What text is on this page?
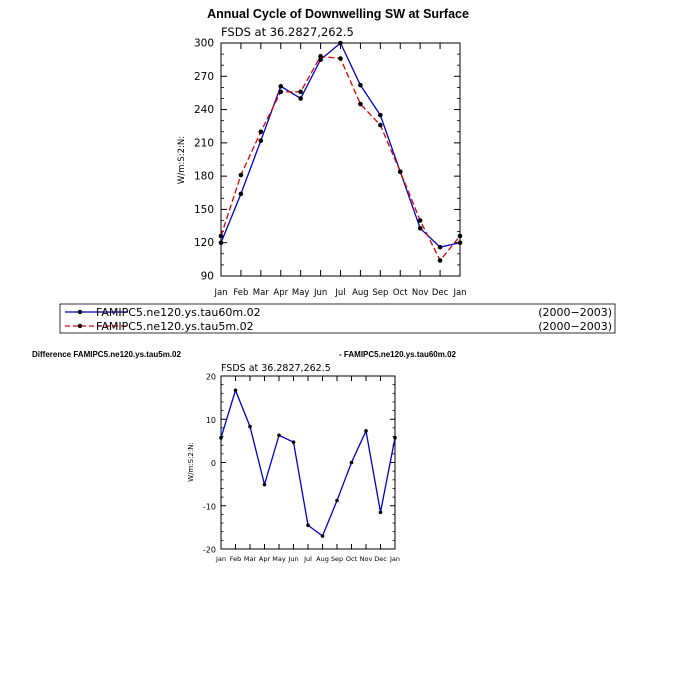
Annual Cycle of Downwelling SW at Surface
FSDS at 36.2827,262.5
90
120
150
180
210
240
270
300
Jan Feb Mar Apr May Jun Jul Aug Sep Oct Nov Dec Jan
W/m:S:2:N:
FAMIPC5.ne120.ys.tau60m.02	(2000−2003)
FAMIPC5.ne120.ys.tau5m.02	(2000−2003)
Difference FAMIPC5.ne120.ys.tau5m.02	- FAMIPC5.ne120.ys.tau60m.02
FSDS at 36.2827,262.5
-20
-10
0
10
20
Jan Feb Mar Apr May Jun Jul Aug Sep Oct Nov Dec Jan
W/m:S:2:N:
